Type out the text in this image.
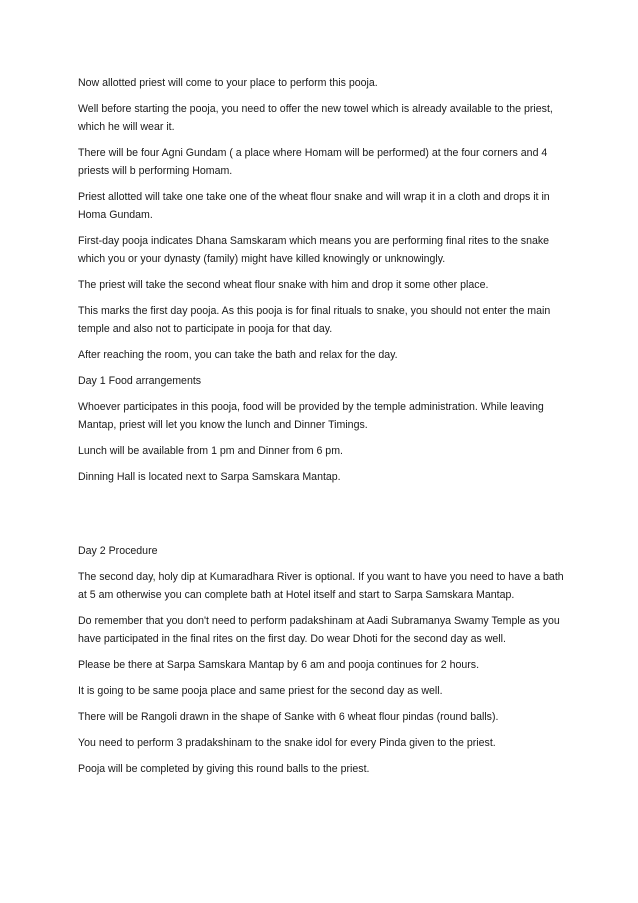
Now allotted priest will come to your place to perform this pooja.

Well before starting the pooja, you need to offer the new towel which is already available to the priest, which he will wear it.

There will be four Agni Gundam ( a place where Homam will be performed) at the four corners and 4 priests will b performing Homam.

Priest allotted will take one take one of the wheat flour snake and will wrap it in a cloth and drops it in Homa Gundam.

First-day pooja indicates Dhana Samskaram which means you are performing final rites to the snake which you or your dynasty (family) might have killed knowingly or unknowingly.

The priest will take the second wheat flour snake with him and drop it some other place.

This marks the first day pooja. As this pooja is for final rituals to snake, you should not enter the main temple and also not to participate in pooja for that day.

After reaching the room, you can take the bath and relax for the day.

Day 1 Food arrangements

Whoever participates in this pooja, food will be provided by the temple administration. While leaving Mantap, priest will let you know the lunch and Dinner Timings.

Lunch will be available from 1 pm and Dinner from 6 pm.

Dinning Hall is located next to Sarpa Samskara Mantap.

Day 2 Procedure

The second day, holy dip at Kumaradhara River is optional. If you want to have you need to have a bath at 5 am otherwise you can complete bath at Hotel itself and start to Sarpa Samskara Mantap.

Do remember that you don't need to perform padakshinam at Aadi Subramanya Swamy Temple as you have participated in the final rites on the first day. Do wear Dhoti for the second day as well.

Please be there at Sarpa Samskara Mantap by 6 am and pooja continues for 2 hours.

It is going to be same pooja place and same priest for the second day as well.

There will be Rangoli drawn in the shape of Sanke with 6 wheat flour pindas (round balls).

You need to perform 3 pradakshinam to the snake idol for every Pinda given to the priest.

Pooja will be completed by giving this round balls to the priest.
